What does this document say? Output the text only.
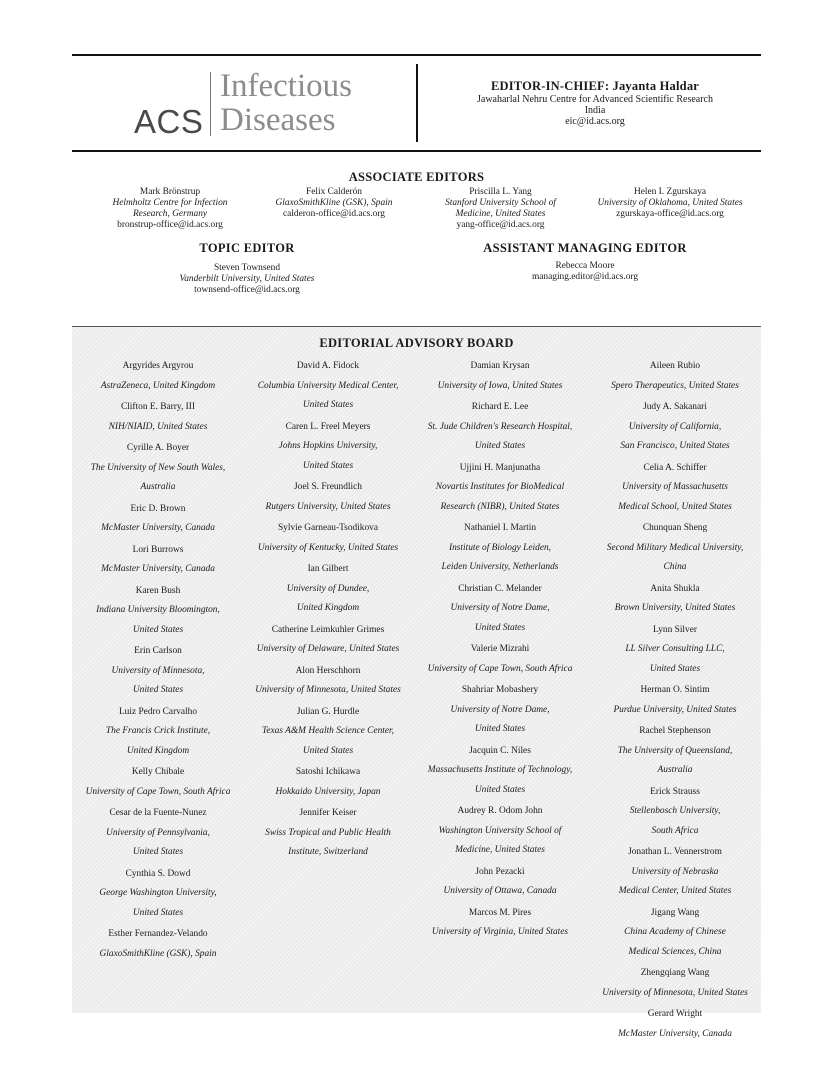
ACS
Infectious
Diseases
EDITOR-IN-CHIEF: Jayanta Haldar
Jawaharlal Nehru Centre for Advanced Scientific Research
India
eic@id.acs.org
ASSOCIATE EDITORS
Mark Brönstrup
Helmholtz Centre for Infection
Research, Germany
bronstrup-office@id.acs.org
Felix Calderón
GlaxoSmithKline (GSK), Spain
calderon-office@id.acs.org
Priscilla L. Yang
Stanford University School of
Medicine, United States
yang-office@id.acs.org
Helen I. Zgurskaya
University of Oklahoma, United States
zgurskaya-office@id.acs.org
TOPIC EDITOR
Steven Townsend
Vanderbilt University, United States
townsend-office@id.acs.org
ASSISTANT MANAGING EDITOR
Rebecca Moore
managing.editor@id.acs.org
EDITORIAL ADVISORY BOARD
Argyrides Argyrou
AstraZeneca, United Kingdom
Clifton E. Barry, III
NIH/NIAID, United States
Cyrille A. Boyer
The University of New South Wales,
Australia
Eric D. Brown
McMaster University, Canada
Lori Burrows
McMaster University, Canada
Karen Bush
Indiana University Bloomington,
United States
Erin Carlson
University of Minnesota,
United States
Luiz Pedro Carvalho
The Francis Crick Institute,
United Kingdom
Kelly Chibale
University of Cape Town, South Africa
Cesar de la Fuente-Nunez
University of Pennsylvania,
United States
Cynthia S. Dowd
George Washington University,
United States
Esther Fernandez-Velando
GlaxoSmithKline (GSK), Spain
David A. Fidock
Columbia University Medical Center,
United States
Caren L. Freel Meyers
Johns Hopkins University,
United States
Joel S. Freundlich
Rutgers University, United States
Sylvie Garneau-Tsodikova
University of Kentucky, United States
Ian Gilbert
University of Dundee,
United Kingdom
Catherine Leimkuhler Grimes
University of Delaware, United States
Alon Herschhorn
University of Minnesota, United States
Julian G. Hurdle
Texas A&M Health Science Center,
United States
Satoshi Ichikawa
Hokkaido University, Japan
Jennifer Keiser
Swiss Tropical and Public Health
Institute, Switzerland
Damian Krysan
University of Iowa, United States
Richard E. Lee
St. Jude Children's Research Hospital,
United States
Ujjini H. Manjunatha
Novartis Institutes for BioMedical
Research (NIBR), United States
Nathaniel I. Martin
Institute of Biology Leiden,
Leiden University, Netherlands
Christian C. Melander
University of Notre Dame,
United States
Valerie Mizrahi
University of Cape Town, South Africa
Shahriar Mobashery
University of Notre Dame,
United States
Jacquin C. Niles
Massachusetts Institute of Technology,
United States
Audrey R. Odom John
Washington University School of
Medicine, United States
John Pezacki
University of Ottawa, Canada
Marcos M. Pires
University of Virginia, United States
Aileen Rubio
Spero Therapeutics, United States
Judy A. Sakanari
University of California,
San Francisco, United States
Celia A. Schiffer
University of Massachusetts
Medical School, United States
Chunquan Sheng
Second Military Medical University,
China
Anita Shukla
Brown University, United States
Lynn Silver
LL Silver Consulting LLC,
United States
Herman O. Sintim
Purdue University, United States
Rachel Stephenson
The University of Queensland,
Australia
Erick Strauss
Stellenbosch University,
South Africa
Jonathan L. Vennerstrom
University of Nebraska
Medical Center, United States
Jigang Wang
China Academy of Chinese
Medical Sciences, China
Zhengqiang Wang
University of Minnesota, United States
Gerard Wright
McMaster University, Canada
